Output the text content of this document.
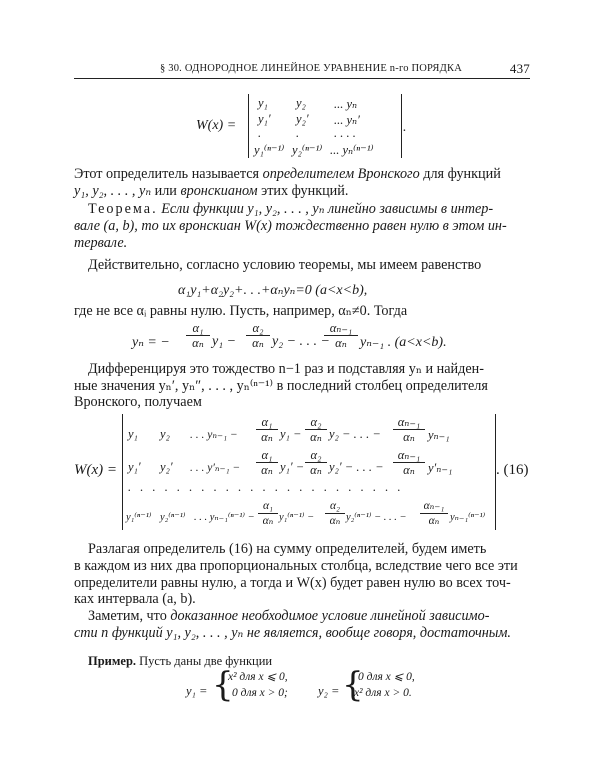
§ 30. ОДНОРОДНОЕ ЛИНЕЙНОЕ УРАВНЕНИЕ n-го ПОРЯДКА	437
W(x) =
y₁ y₂ ... yₙ
y₁′ y₂′ ... yₙ′
.	.	. . . .
y₁⁽ⁿ⁻¹⁾ y₂⁽ⁿ⁻¹⁾ ... yₙ⁽ⁿ⁻¹⁾
.
Этот определитель называется определителем Вронского для функций
y₁, y₂, . . . , yₙ или вронскианом этих функций.
Теорема. Если функции y₁, y₂, . . . , yₙ линейно зависимы в интер-
вале (a, b), то их вронскиан W(x) тождественно равен нулю в этом ин-
тервале.
Действительно, согласно условию теоремы, мы имеем равенство
α₁y₁+α₂y₂+. . .+αₙyₙ=0 (a<x<b),
где не все αᵢ равны нулю. Пусть, например, αₙ≠0. Тогда
yₙ = − $\frac{\text{α₁}}{\text{αₙ}} y_1 - \frac{\text{α₂}}{\text{αₙ}} y_2$ − . . . −
$\frac{\text{αₙ₋₁}}{\text{αₙ}} y_{n-1}$ . (a<x<b).
Дифференцируя это тождество n−1 раз и подставляя yₙ и найден-
ные значения yₙ′, yₙ″, . . . , yₙ⁽ⁿ⁻¹⁾ в последний столбец определителя
Вронского, получаем
W(x) =
y₁ y₂ . . . $y_{n-1} - \frac{\text{α₁}}{\text{αₙ}} y_1 - \frac{\text{α₂}}{\text{αₙ}} y_2$ − . . . − $\frac{\text{αₙ₋₁}}{\text{αₙ}} y_{n-1}$
y₁′ y₂′ . . . $y'_{n-1} - \frac{\text{α₁}}{\text{αₙ}} y_1' - \frac{\text{α₂}}{\text{αₙ}} y_2'$ − . . . − $\frac{\text{αₙ₋₁}}{\text{αₙ}} y'_{n-1}$
. . . . . . . . . . . . . . . . . . . . . . .
y₁⁽ⁿ⁻¹⁾ y₂⁽ⁿ⁻¹⁾ . . . $y_{n-1}^{(n-1)} - \frac{\text{α₁}}{\text{αₙ}} y_1^{(n-1)} - \frac{\text{α₂}}{\text{αₙ}} y_2^{(n-1)}$ − . . . − $\frac{\text{αₙ₋₁}}{\text{αₙ}} y_{n-1}^{(n-1)}$
. (16)
Разлагая определитель (16) на сумму определителей, будем иметь
в каждом из них два пропорциональных столбца, вследствие чего все эти
определители равны нулю, а тогда и W(x) будет равен нулю во всех точ-
ках интервала (a, b).
Заметим, что доказанное необходимое условие линейной зависимо-
сти n функций y₁, y₂, . . . , yₙ не является, вообще говоря, достаточным.
Пример. Пусть даны две функции
y₁ = {
x² для x ⩽ 0,
0 для x > 0; y₂ = {
0 для x ⩽ 0,
x² для x > 0.
